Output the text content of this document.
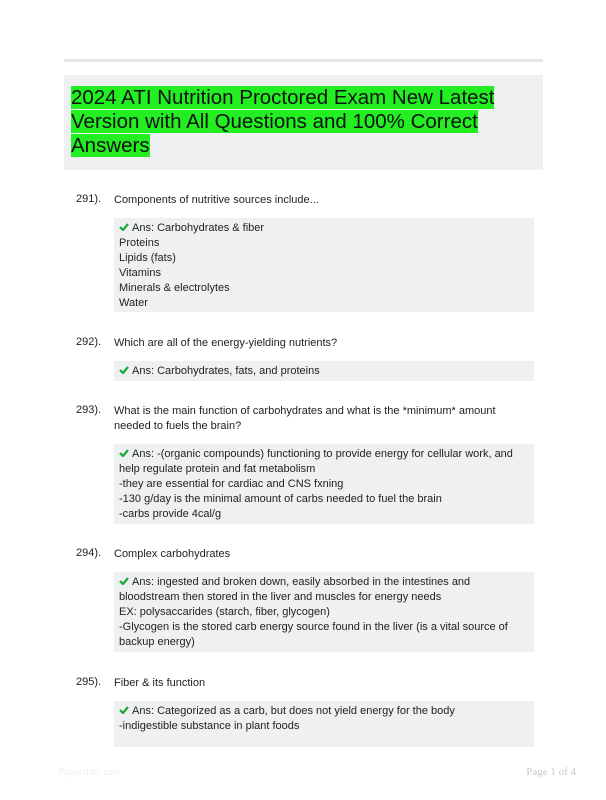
2024 ATI Nutrition Proctored Exam New Latest Version with All Questions and 100% Correct Answers
291). Components of nutritive sources include...
Ans: Carbohydrates & fiber
Proteins
Lipids (fats)
Vitamins
Minerals & electrolytes
Water
292). Which are all of the energy-yielding nutrients?
Ans: Carbohydrates, fats, and proteins
293). What is the main function of carbohydrates and what is the *minimum* amount needed to fuels the brain?
Ans: -(organic compounds) functioning to provide energy for cellular work, and help regulate protein and fat metabolism
-they are essential for cardiac and CNS fxning
-130 g/day is the minimal amount of carbs needed to fuel the brain
-carbs provide 4cal/g
294). Complex carbohydrates
Ans: ingested and broken down, easily absorbed in the intestines and bloodstream then stored in the liver and muscles for energy needs
EX: polysaccarides (starch, fiber, glycogen)
-Glycogen is the stored carb energy source found in the liver (is a vital source of backup energy)
295). Fiber & its function
Ans: Categorized as a carb, but does not yield energy for the body
-indigestible substance in plant foods
Papershhc.com	Page 1 of 4
